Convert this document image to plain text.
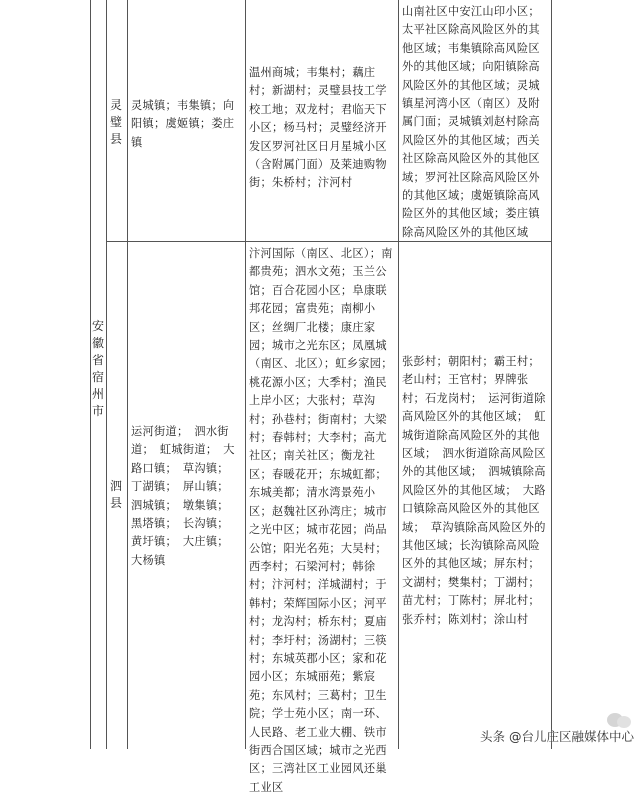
安徽省宿州市
灵璧县
灵城镇；韦集镇；向阳镇；虞姬镇；娄庄镇
温州商城；韦集村；藕庄村；新湖村；灵璧县技工学校工地；双龙村；君临天下小区；杨马村；灵璧经济开发区罗河社区日月星城小区（含附属门面）及莱迪购物街；朱桥村；汴河村
山南社区中安江山印小区；太平社区除高风险区外的其他区域；韦集镇除高风险区外的其他区域；向阳镇除高风险区外的其他区域；灵城镇星河湾小区（南区）及附属门面；灵城镇刘赵村除高风险区外的其他区域；西关社区除高风险区外的其他区域；罗河社区除高风险区外的其他区域；虞姬镇除高风险区外的其他区域；娄庄镇除高风险区外的其他区域
泗县
运河街道；　泗水街道；　虹城街道；　大路口镇；　草沟镇；　丁湖镇；　屏山镇；　泗城镇；　墩集镇；　黑塔镇；　长沟镇；　黄圩镇；　大庄镇；　大杨镇
汴河国际（南区、北区）；南都贵苑；泗水文苑；玉兰公馆；百合花园小区；阜康联邦花园；富贵苑；南柳小区；丝绸厂北楼；康庄家园；城市之光东区；凤凰城（南区、北区）；虹乡家园；桃花源小区；大季村；渔民上岸小区；大张村；草沟村；孙巷村；街南村；大梁村；春韩村；大李村；高尤社区；南关社区；衡龙社区；春暖花开；东城虹都；东城美都；清水湾景苑小区；赵魏社区孙湾庄；城市之光中区；城市花园；尚品公馆；阳光名苑；大吴村；西李村；石梁河村；韩徐村；汴河村；洋城湖村；于韩村；荣辉国际小区；河平村；龙沟村；桥东村；夏庙村；李圩村；汤湖村；三筷村；东城英郡小区；家和花园小区；东城丽苑；紫宸苑；东风村；三葛村；卫生院；学士苑小区；南一环、人民路、老工业大棚、铁市街西合国区域；城市之光西区；三湾社区工业园风还巢工业区
张彭村；朝阳村；霸王村；老山村；王官村；界牌张村；石龙岗村；　运河街道除高风险区外的其他区域；　虹城街道除高风险区外的其他区域；　泗水街道除高风险区外的其他区域；　泗城镇除高风险区外的其他区域；　大路口镇除高风险区外的其他区域；　草沟镇除高风险区外的其他区域；长沟镇除高风险区外的其他区域；屏东村；文湖村；樊集村；丁湖村；苗尤村；丁陈村；屏北村；张乔村；陈刘村；涂山村
头条 @台儿庄区融媒体中心
